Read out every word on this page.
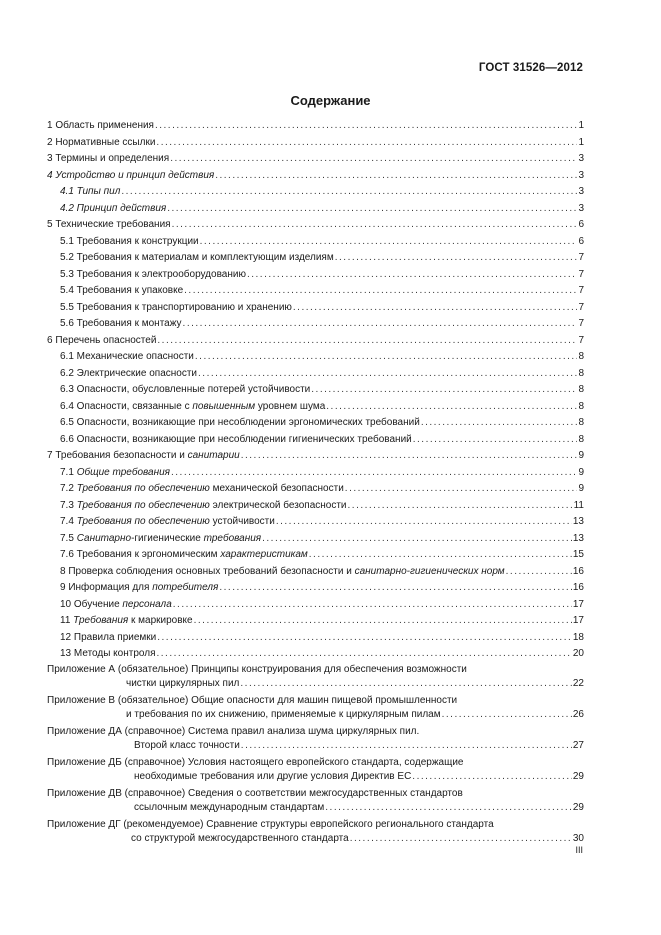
ГОСТ 31526—2012
Содержание
1 Область применения .....	1
2 Нормативные ссылки .....	1
3 Термины и определения .....	3
4 Устройство и принцип действия .....	3
4.1 Типы пил .....	3
4.2 Принцип действия .....	3
5 Технические требования .....	6
5.1 Требования к конструкции .....	6
5.2 Требования к материалам и комплектующим изделиям .....	7
5.3 Требования к электрооборудованию .....	7
5.4 Требования к упаковке .....	7
5.5 Требования к транспортированию и хранению .....	7
5.6 Требования к монтажу .....	7
6 Перечень опасностей .....	7
6.1 Механические опасности .....	8
6.2 Электрические опасности .....	8
6.3 Опасности, обусловленные потерей устойчивости .....	8
6.4 Опасности, связанные с повышенным уровнем шума .....	8
6.5 Опасности, возникающие при несоблюдении эргономических требований .....	8
6.6 Опасности, возникающие при несоблюдении гигиенических требований .....	8
7 Требования безопасности и санитарии .....	9
7.1 Общие требования .....	9
7.2 Требования по обеспечению механической безопасности .....	9
7.3 Требования по обеспечению электрической безопасности .....	11
7.4 Требования по обеспечению устойчивости .....	13
7.5 Санитарно-гигиенические требования .....	13
7.6 Требования к эргономическим характеристикам .....	15
8 Проверка соблюдения основных требований безопасности и санитарно-гигиенических норм .....	16
9 Информация для потребителя .....	16
10 Обучение персонала .....	17
11 Требования к маркировке .....	17
12 Правила приемки .....	18
13 Методы контроля .....	20
Приложение А (обязательное) Принципы конструирования для обеспечения возможности
чистки циркулярных пил .....	22
Приложение В (обязательное) Общие опасности для машин пищевой промышленности
и требования по их снижению, применяемые к циркулярным пилам .....	26
Приложение ДА (справочное) Система правил анализа шума циркулярных пил.
Второй класс точности .....	27
Приложение ДБ (справочное) Условия настоящего европейского стандарта, содержащие
необходимые требования или другие условия Директив ЕС .....	29
Приложение ДВ (справочное) Сведения о соответствии межгосударственных стандартов
ссылочным международным стандартам .....	29
Приложение ДГ (рекомендуемое) Сравнение структуры европейского регионального стандарта
со структурой межгосударственного стандарта .....	30
III
